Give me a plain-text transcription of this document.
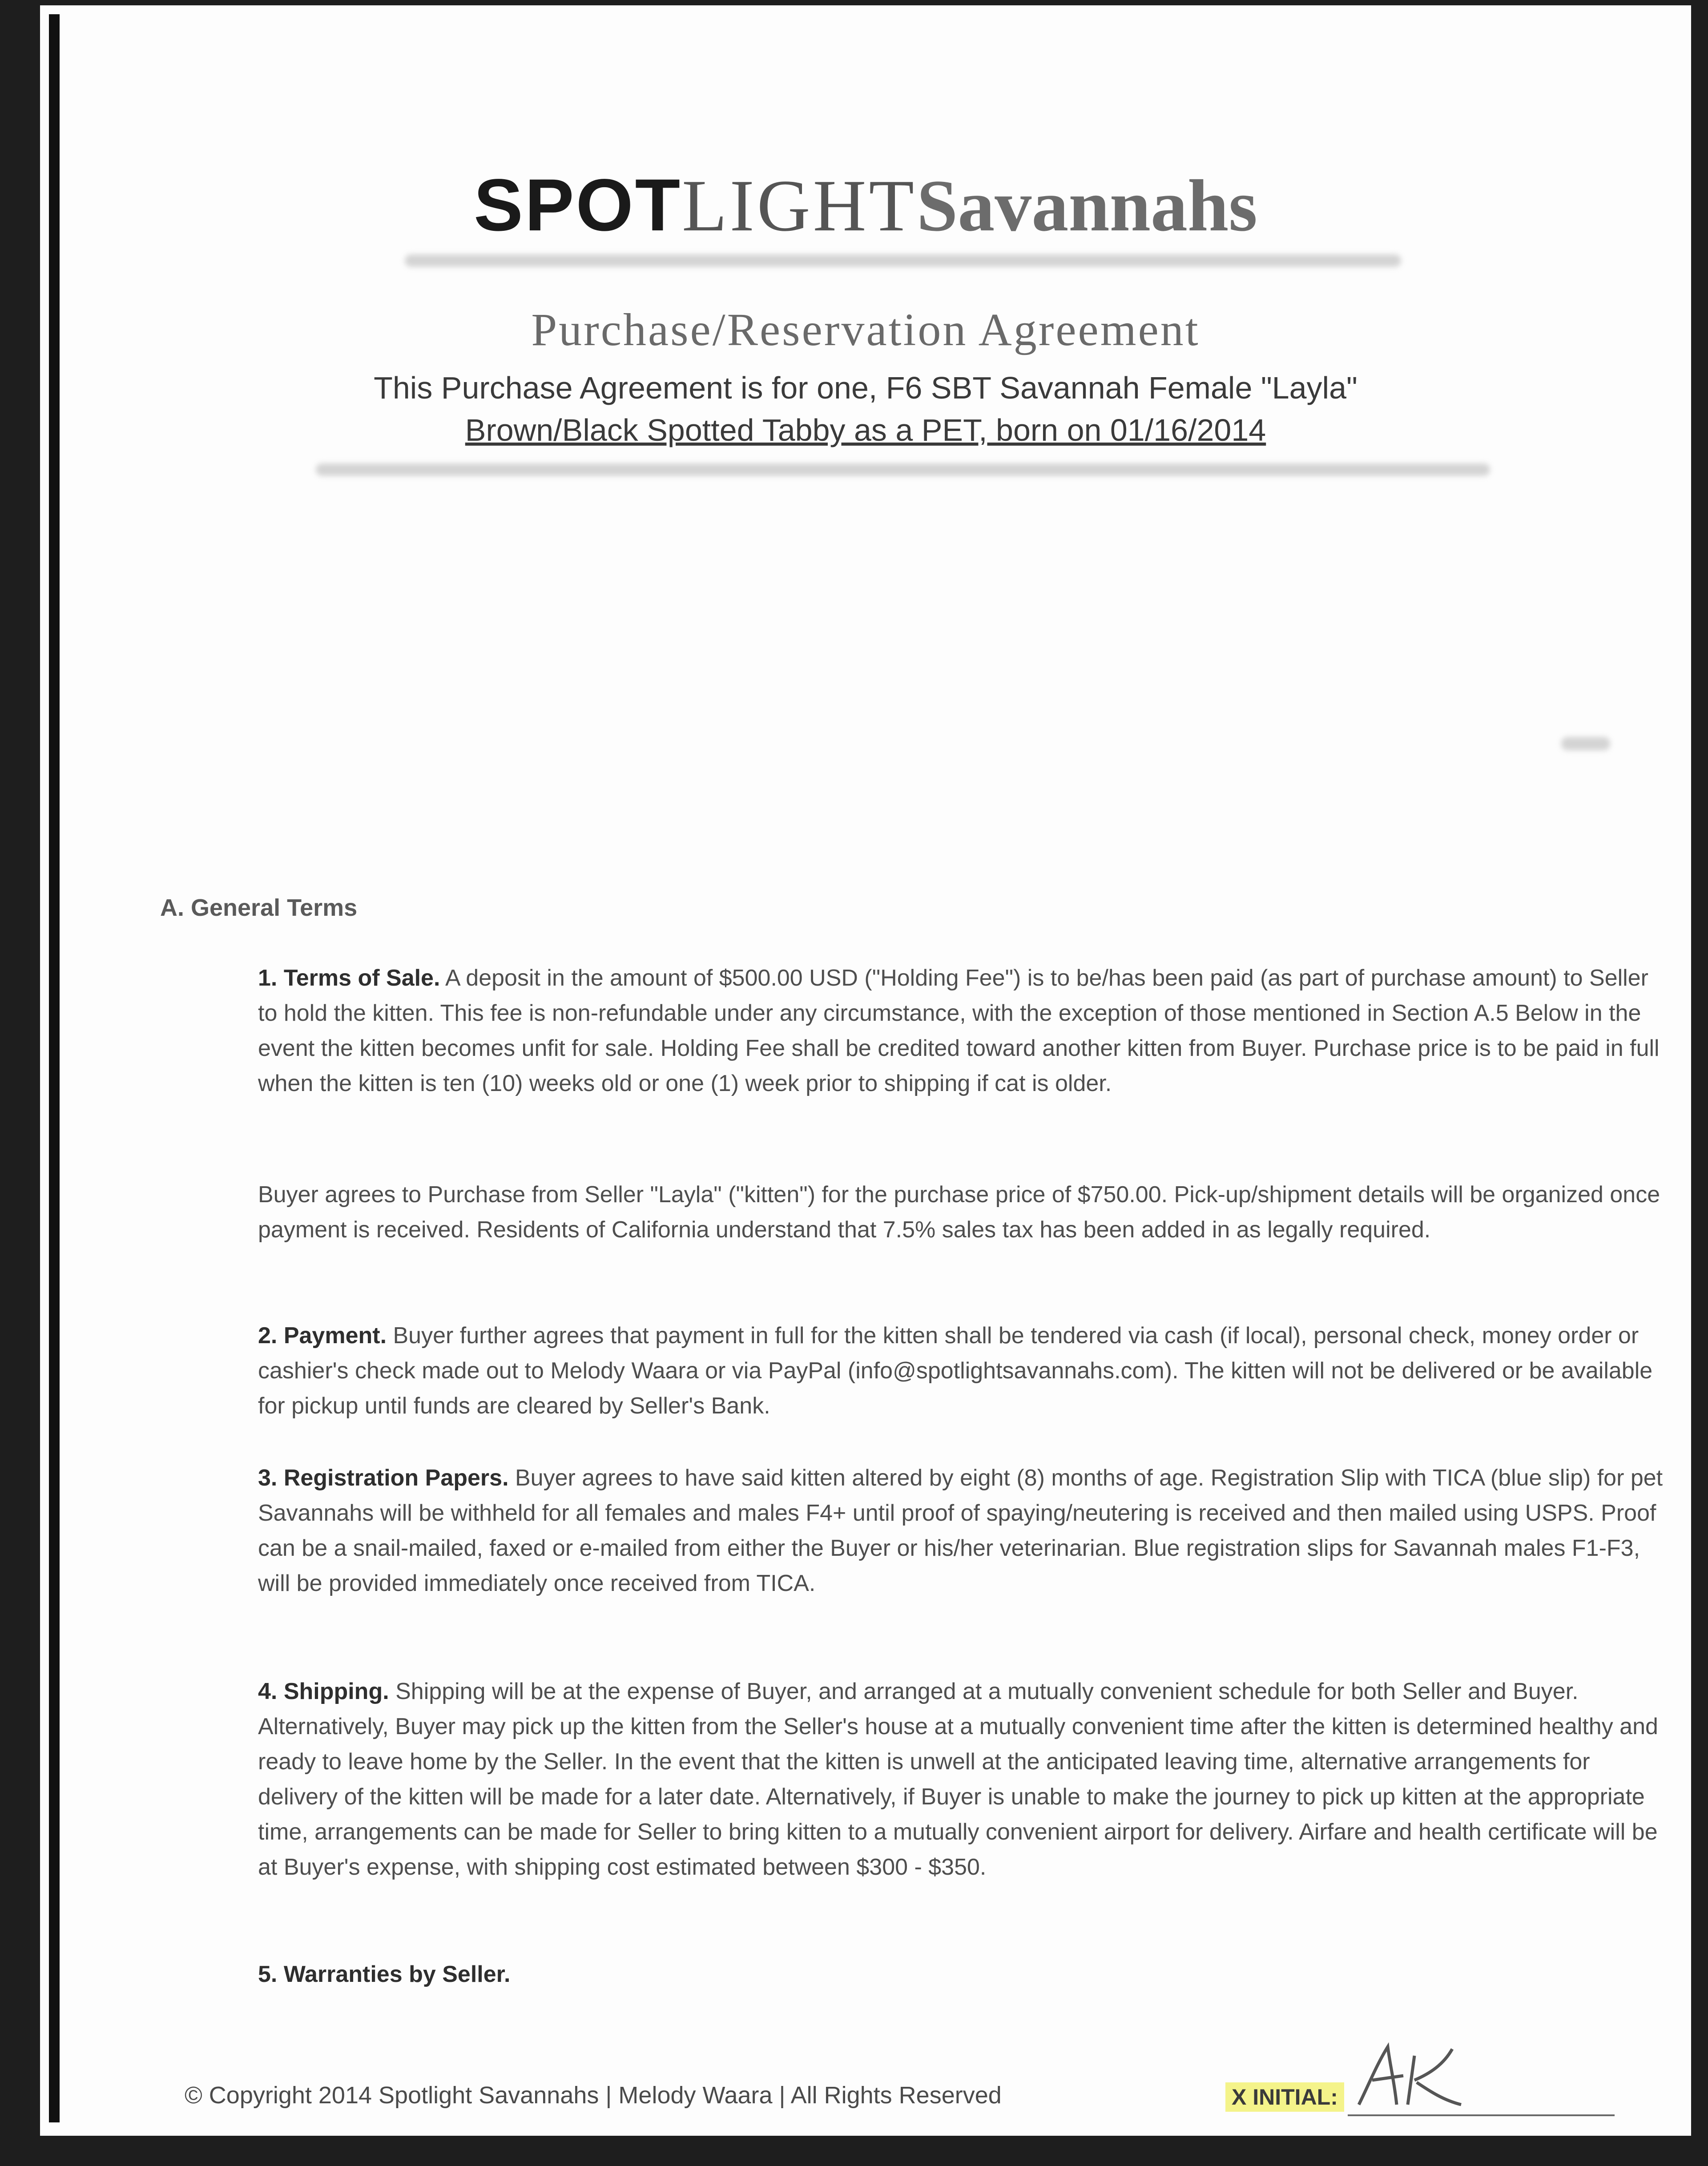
SPOTLIGHTSavannahs
Purchase/Reservation Agreement
This Purchase Agreement is for one, F6 SBT Savannah Female "Layla"
Brown/Black Spotted Tabby as a PET, born on 01/16/2014
A. General Terms

1. Terms of Sale. A deposit in the amount of $500.00 USD ("Holding Fee") is to be/has been paid (as part of purchase amount) to Seller to hold the kitten. This fee is non-refundable under any circumstance, with the exception of those mentioned in Section A.5 Below in the event the kitten becomes unfit for sale. Holding Fee shall be credited toward another kitten from Buyer. Purchase price is to be paid in full when the kitten is ten (10) weeks old or one (1) week prior to shipping if cat is older.

Buyer agrees to Purchase from Seller "Layla" ("kitten") for the purchase price of $750.00. Pick-up/shipment details will be organized once payment is received. Residents of California understand that 7.5% sales tax has been added in as legally required.

2. Payment. Buyer further agrees that payment in full for the kitten shall be tendered via cash (if local), personal check, money order or cashier's check made out to Melody Waara or via PayPal (info@spotlightsavannahs.com). The kitten will not be delivered or be available for pickup until funds are cleared by Seller's Bank.

3. Registration Papers. Buyer agrees to have said kitten altered by eight (8) months of age. Registration Slip with TICA (blue slip) for pet Savannahs will be withheld for all females and males F4+ until proof of spaying/neutering is received and then mailed using USPS. Proof can be a snail-mailed, faxed or e-mailed from either the Buyer or his/her veterinarian. Blue registration slips for Savannah males F1-F3, will be provided immediately once received from TICA.

4. Shipping. Shipping will be at the expense of Buyer, and arranged at a mutually convenient schedule for both Seller and Buyer. Alternatively, Buyer may pick up the kitten from the Seller's house at a mutually convenient time after the kitten is determined healthy and ready to leave home by the Seller. In the event that the kitten is unwell at the anticipated leaving time, alternative arrangements for delivery of the kitten will be made for a later date. Alternatively, if Buyer is unable to make the journey to pick up kitten at the appropriate time, arrangements can be made for Seller to bring kitten to a mutually convenient airport for delivery. Airfare and health certificate will be at Buyer's expense, with shipping cost estimated between $300 - $350.

5. Warranties by Seller.

© Copyright 2014 Spotlight Savannahs | Melody Waara | All Rights Reserved	X INITIAL:
